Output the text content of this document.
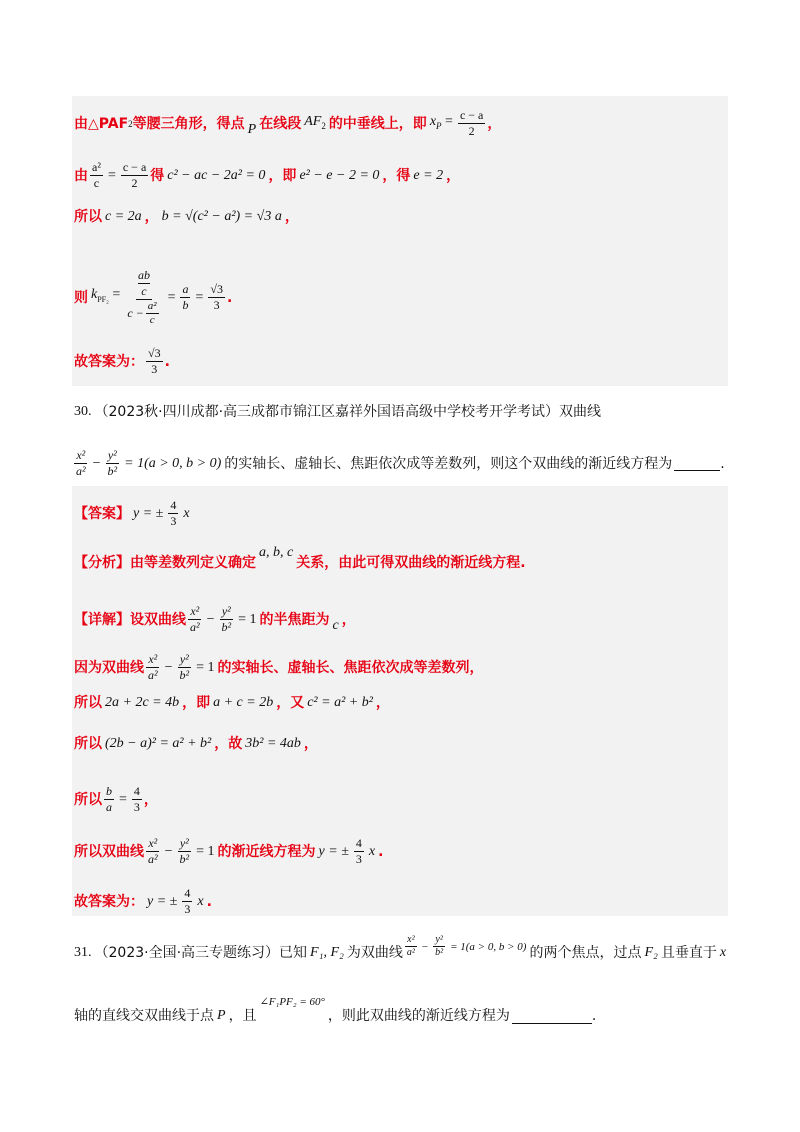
由△PAF 2 等腰三角形，得点 P 在线段 $AF_2$ 的中垂线上，即 $x_P = \frac{c - a}{2}$ ，
由 $\frac{\text{a²}}{c} = \frac{c - a}{2}$ 得 c² − ac − 2a² = 0 ，即 e² − e − 2 = 0 ，得 e = 2 ，
所以 c = 2a ， b = √(c² − a²) = √3 a ，
则 $k_{PF_2}$ = ab
c
$c - \frac{\text{a²}}{c} = \frac{a}{b} = \frac{√3}{3}$ .
故答案为： $\frac{√3}{3}$ .
30. （2023秋·四川成都·高三成都市锦江区嘉祥外国语高级中学校考开学考试）双曲线
$\frac{\text{x²}}{\text{a²}} - \frac{\text{y²}}{\text{b²}} = 1(a > 0$, b > 0) 的实轴长、虚轴长、焦距依次成等差数列，则这个双曲线的渐近线方程为	.
【答案】 y = ± $\frac{4}{3}$ x
【分析】由等差数列定义确定
a, b, c
关系，由此可得双曲线的渐近线方程.
【详解】设双曲线 $\frac{\text{x²}}{\text{a²}} - \frac{\text{y²}}{\text{b²}} = 1$ 的半焦距为 c ，
因为双曲线 $\frac{\text{x²}}{\text{a²}} - \frac{\text{y²}}{\text{b²}} = 1$ 的实轴长、虚轴长、焦距依次成等差数列，
所以 2a + 2c = 4b ，即 a + c = 2b ，又 c² = a² + b² ，
所以 (2b − a)² = a² + b² ，故 3b² = 4ab ，
所以 $\frac{b}{a} = \frac{4}{3}$ ，
所以双曲线 $\frac{\text{x²}}{\text{a²}} - \frac{\text{y²}}{\text{b²}} = 1$ 的渐近线方程为 y = ± $\frac{4}{3}$ x .
故答案为： y = ± $\frac{4}{3}$ x .
31. （2023·全国·高三专题练习）已知 F₁, F₂ 为双曲线 $\frac{\text{x²}}{\text{a²}} - \frac{\text{y²}}{\text{b²}} = 1(a > 0$, b > 0) 的两个焦点，过点 F₂ 且垂直于 x
轴的直线交双曲线于点 P ，且
∠F₁PF₂ = 60°
，则此双曲线的渐近线方程为	.
